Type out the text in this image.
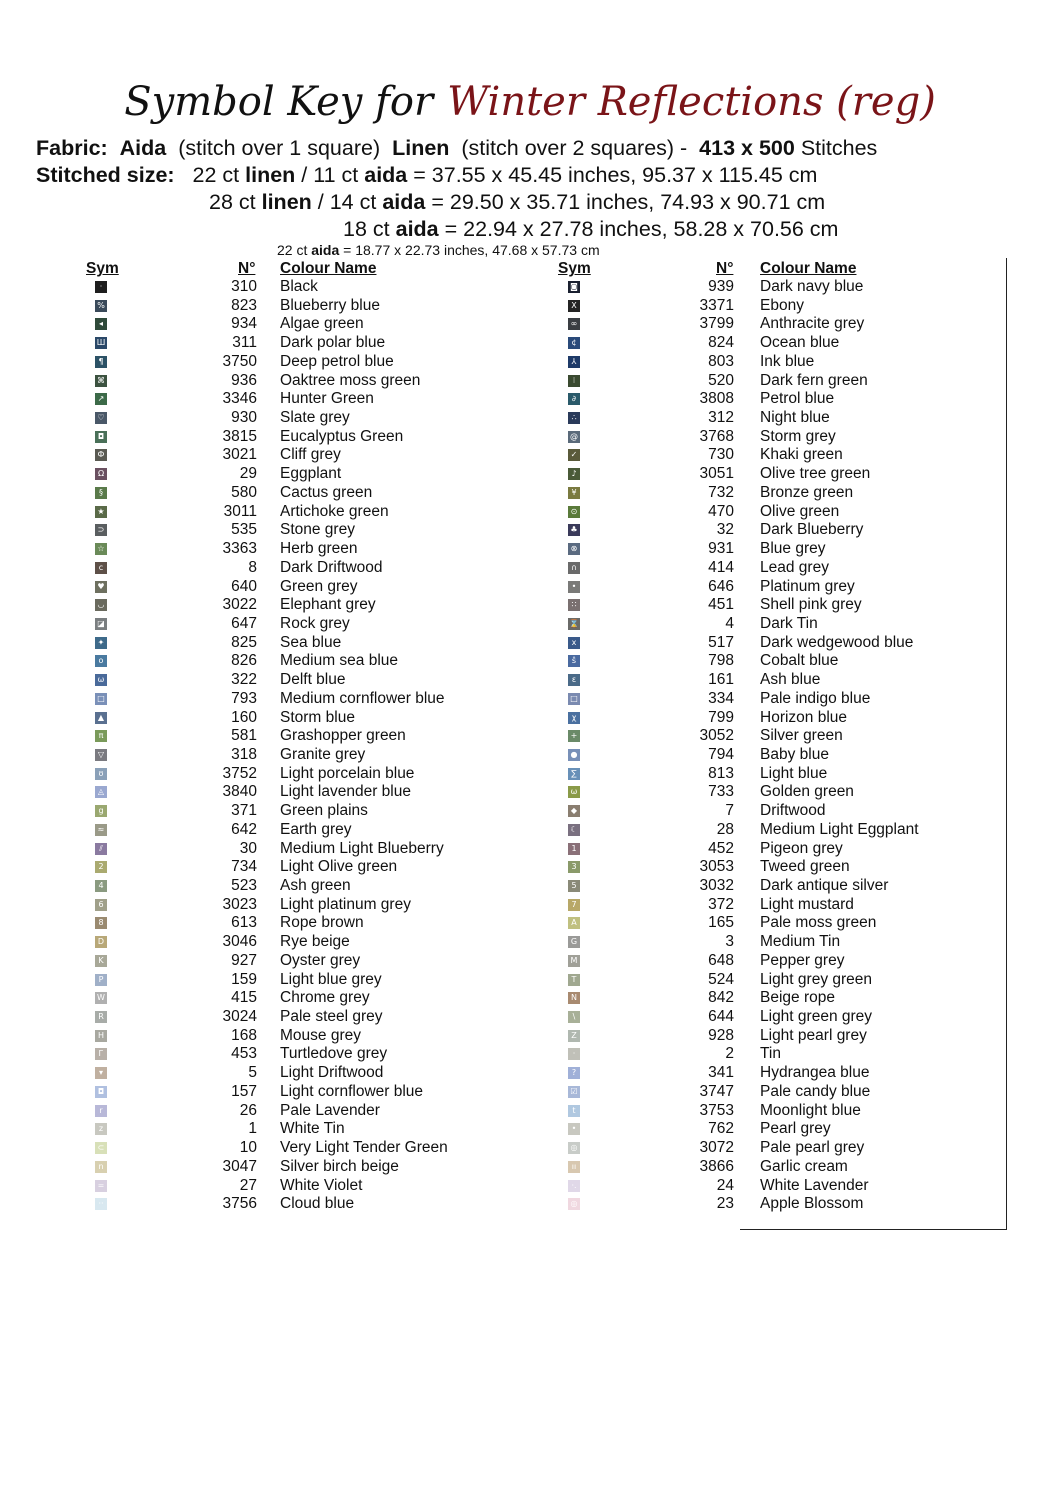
Symbol Key for Winter Reflections (reg)
Fabric: Aida (stitch over 1 square) Linen (stitch over 2 squares) - 413 x 500 Stitches
Stitched size: 22 ct linen / 11 ct aida = 37.55 x 45.45 inches, 95.37 x 115.45 cm
28 ct linen / 14 ct aida = 29.50 x 35.71 inches, 74.93 x 90.71 cm
18 ct aida = 22.94 x 27.78 inches, 58.28 x 70.56 cm
22 ct aida = 18.77 x 22.73 inches, 47.68 x 57.73 cm
Sym	N° Colour Name
·	310 Black
%	823 Blueberry blue
◂	934 Algae green
Ш	311 Dark polar blue
¶	3750 Deep petrol blue
⌘	936 Oaktree moss green
↗	3346 Hunter Green
♡	930 Slate grey
◘	3815 Eucalyptus Green
Ф	3021 Cliff grey
Ω	29 Eggplant
§	580 Cactus green
★	3011 Artichoke green
⊃	535 Stone grey
☆	3363 Herb green
c	8 Dark Driftwood
♥	640 Green grey
◡	3022 Elephant grey
◪	647 Rock grey
✦	825 Sea blue
o	826 Medium sea blue
ω	322 Delft blue
□	793 Medium cornflower blue
▲	160 Storm blue
π	581 Grashopper green
▽	318 Granite grey
ʊ	3752 Light porcelain blue
◬	3840 Light lavender blue
g	371 Green plains
≈	642 Earth grey
⫽	30 Medium Light Blueberry
2	734 Light Olive green
4	523 Ash green
6	3023 Light platinum grey
8	613 Rope brown
D	3046 Rye beige
K	927 Oyster grey
P	159 Light blue grey
W	415 Chrome grey
R	3024 Pale steel grey
H	168 Mouse grey
Г	453 Turtledove grey
▾	5 Light Driftwood
◘	157 Light cornflower blue
r	26 Pale Lavender
z	1 White Tin
⊂	10 Very Light Tender Green
n	3047 Silver birch beige
=	27 White Violet
··	3756 Cloud blue
Sym	N° Colour Name
◙	939 Dark navy blue
X	3371 Ebony
∞	3799 Anthracite grey
¢	824 Ocean blue
⅄	803 Ink blue
⁝	520 Dark fern green
∂	3808 Petrol blue
∴	312 Night blue
@	3768 Storm grey
✓	730 Khaki green
♪	3051 Olive tree green
¥	732 Bronze green
⊙	470 Olive green
♣	32 Dark Blueberry
⊗	931 Blue grey
∩	414 Lead grey
•	646 Platinum grey
∷	451 Shell pink grey
⌛	4 Dark Tin
x	517 Dark wedgewood blue
ŝ	798 Cobalt blue
ε	161 Ash blue
□	334 Pale indigo blue
χ	799 Horizon blue
+	3052 Silver green
●	794 Baby blue
∑	813 Light blue
ω	733 Golden green
◆	7 Driftwood
☾	28 Medium Light Eggplant
1	452 Pigeon grey
3	3053 Tweed green
5	3032 Dark antique silver
7	372 Light mustard
A	165 Pale moss green
G	3 Medium Tin
M	648 Pepper grey
T	524 Light grey green
N	842 Beige rope
\	644 Light green grey
Z	928 Light pearl grey
·	2 Tin
?	341 Hydrangea blue
☑	3747 Pale candy blue
t	3753 Moonlight blue
•	762 Pearl grey
◎	3072 Pale pearl grey
ıı	3866 Garlic cream
·.	24 White Lavender
◎	23 Apple Blossom
